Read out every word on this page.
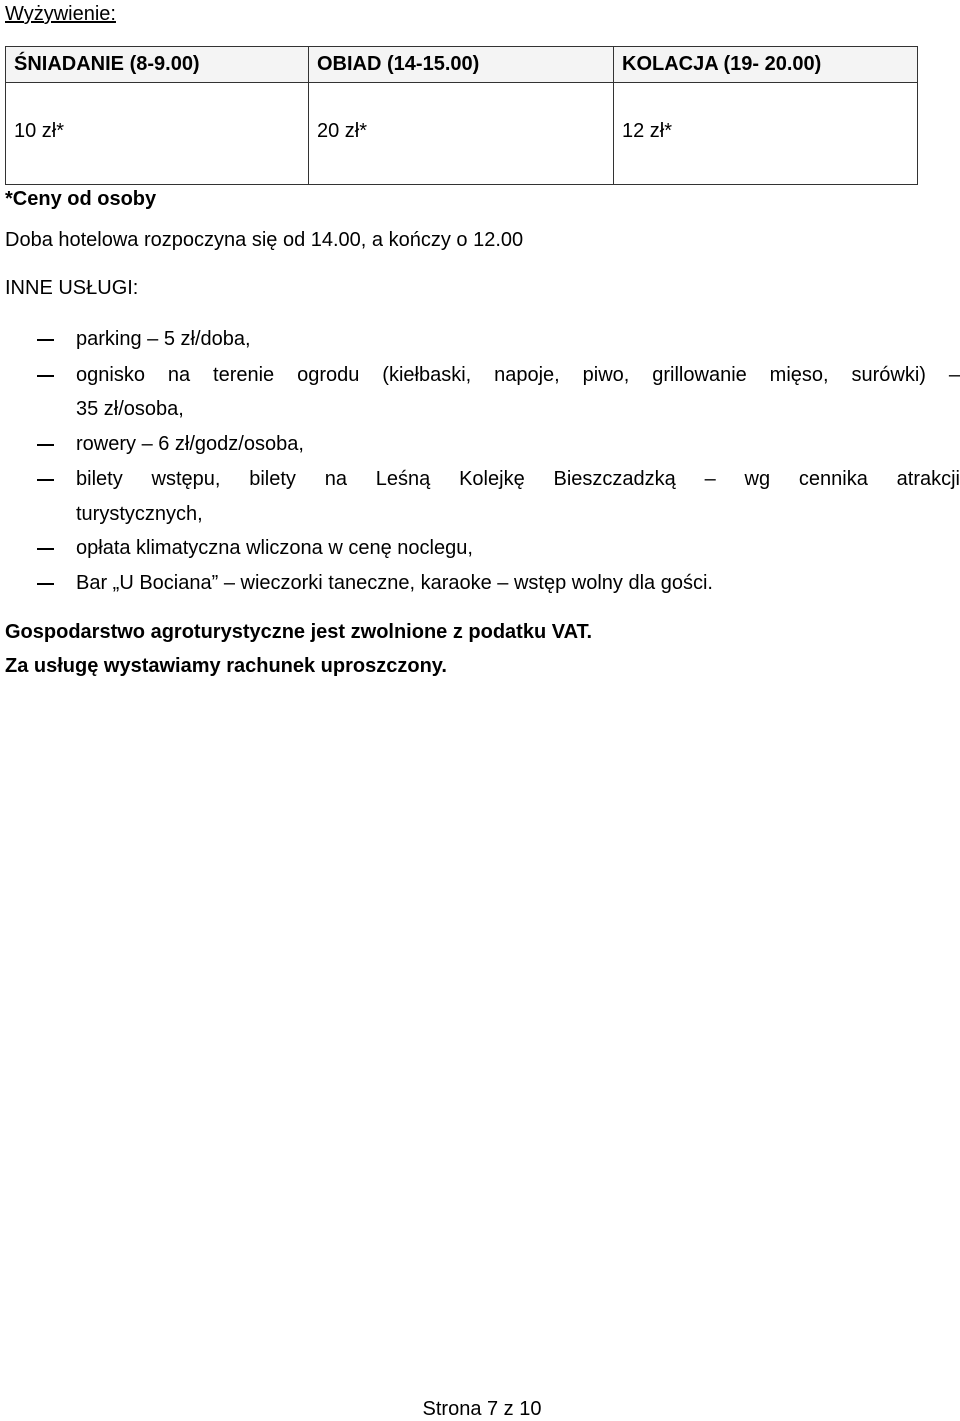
Wyżywienie:
ŚNIADANIE (8-9.00)	OBIAD (14-15.00)	KOLACJA (19- 20.00)
10 zł*	20 zł*	12 zł*
*Ceny od osoby
Doba hotelowa rozpoczyna się od 14.00, a kończy o 12.00
INNE USŁUGI:
parking – 5 zł/doba,
ognisko na terenie ogrodu (kiełbaski, napoje, piwo, grillowanie mięso, surówki) –
35 zł/osoba,
rowery – 6 zł/godz/osoba,
bilety wstępu, bilety na Leśną Kolejkę Bieszczadzką – wg cennika atrakcji
turystycznych,
opłata klimatyczna wliczona w cenę noclegu,
Bar „U Bociana” – wieczorki taneczne, karaoke – wstęp wolny dla gości.
Gospodarstwo agroturystyczne jest zwolnione z podatku VAT.
Za usługę wystawiamy rachunek uproszczony.
Strona 7 z 10
